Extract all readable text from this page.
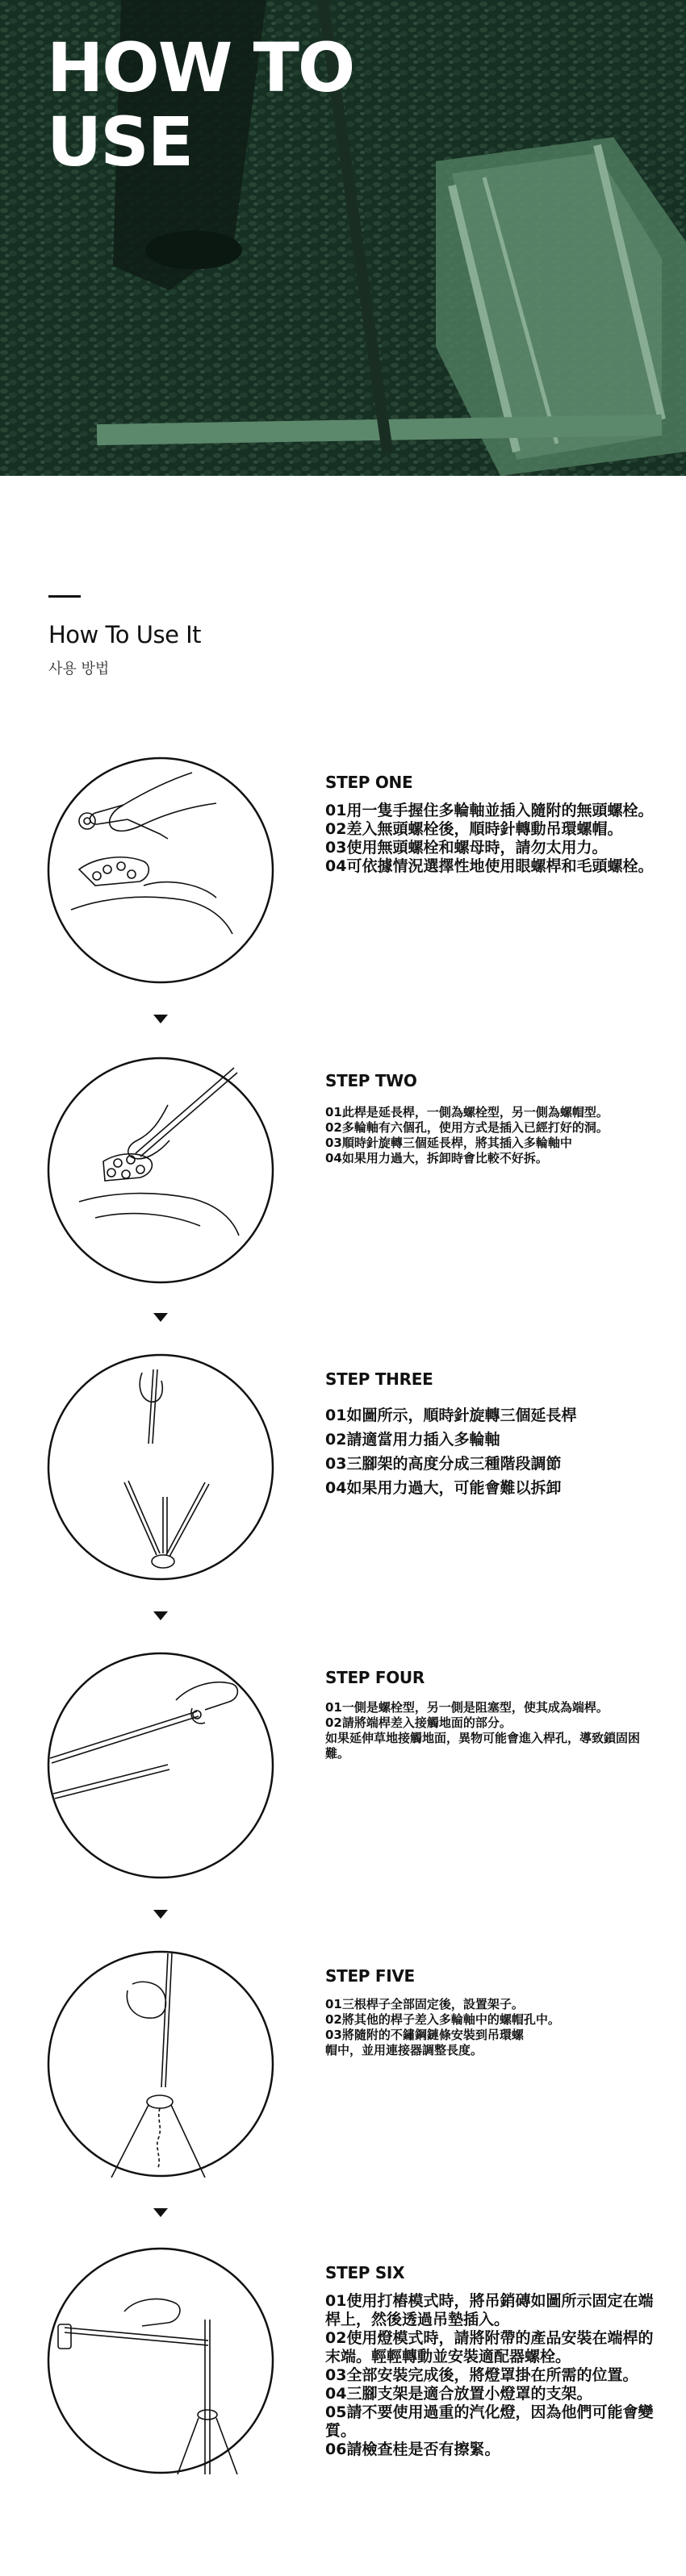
HOW TO
USE
How To Use It
사용 방법
STEP ONE

01用一隻手握住多輪軸並插入隨附的無頭螺栓。

02差入無頭螺栓後，順時針轉動吊環螺帽。

03使用無頭螺栓和螺母時，請勿太用力。

04可依據情況選擇性地使用眼螺桿和毛頭螺栓。

STEP TWO

01此桿是延長桿，一側為螺栓型，另一側為螺帽型。

02多輪軸有六個孔，使用方式是插入已經打好的洞。

03順時針旋轉三個延長桿，將其插入多輪軸中

04如果用力過大，拆卸時會比較不好拆。

STEP THREE

01如圖所示，順時針旋轉三個延長桿

02請適當用力插入多輪軸

03三腳架的高度分成三種階段調節

04如果用力過大，可能會難以拆卸

STEP FOUR

01一側是螺栓型，另一側是阻塞型，使其成為端桿。

02請將端桿差入接觸地面的部分。

如果延伸草地接觸地面，異物可能會進入桿孔，導致鎖固困難。

STEP FIVE

01三根桿子全部固定後，設置架子。

02將其他的桿子差入多輪軸中的螺帽孔中。

03將隨附的不鏽鋼鏈條安裝到吊環螺帽中，並用連接器調整長度。

STEP SIX

01使用打樁模式時，將吊銷磚如圖所示固定在端桿上，然後透過吊墊插入。

02使用燈模式時，請將附帶的產品安裝在端桿的末端。輕輕轉動並安裝適配器螺栓。

03全部安裝完成後，將燈罩掛在所需的位置。

04三腳支架是適合放置小燈罩的支架。

05請不要使用過重的汽化燈，因為他們可能會變質。

06請檢查桂是否有擦緊。
